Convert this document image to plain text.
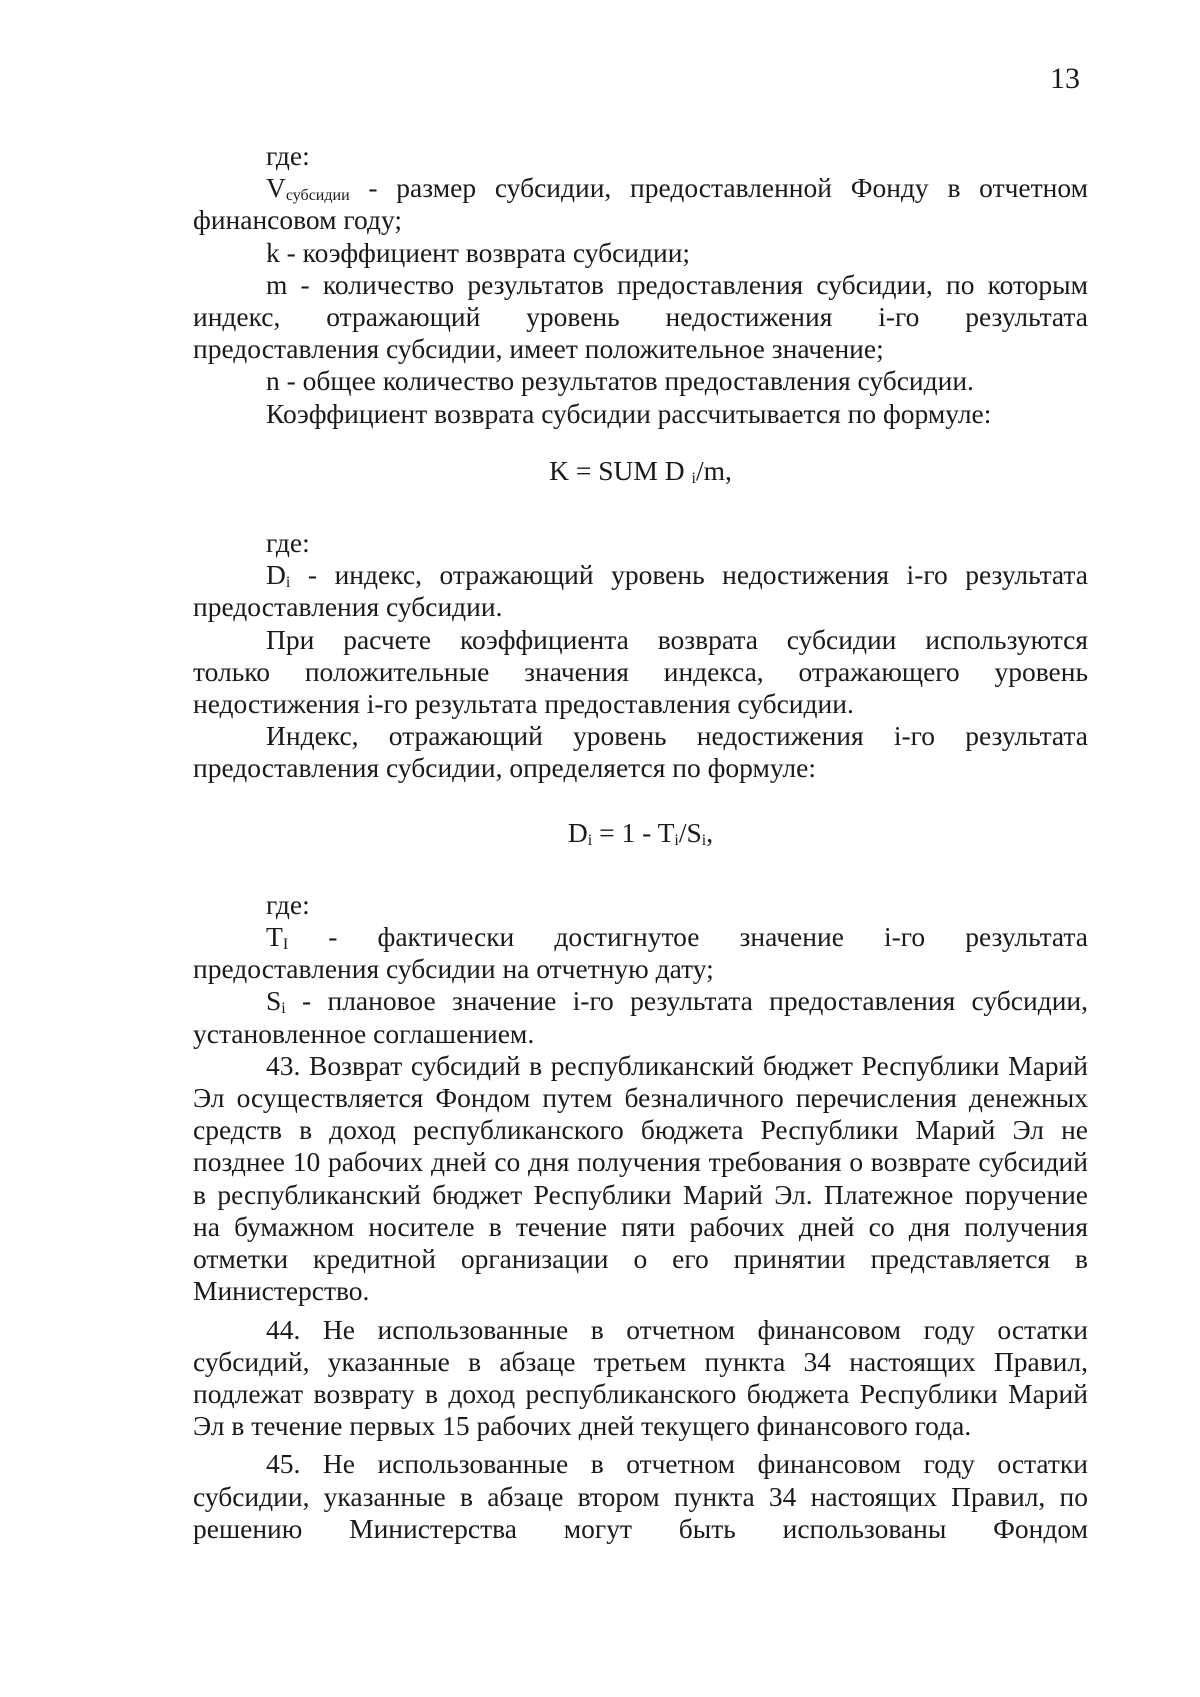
13

где:

$V_{субсидии}$ - размер субсидии, предоставленной Фонду в отчетном финансовом году;

k - коэффициент возврата субсидии;

m - количество результатов предоставления субсидии, по которым

индекс, отражающий уровень недостижения i-го результата

предоставления субсидии, имеет положительное значение;

n - общее количество результатов предоставления субсидии.

Коэффициент возврата субсидии рассчитывается по формуле:

K = SUM D $_i$/m,

где:

$D_i$ - индекс, отражающий уровень недостижения i-го результата

предоставления субсидии.

При расчете коэффициента возврата субсидии используются

только положительные значения индекса, отражающего уровень

недостижения i-го результата предоставления субсидии.

Индекс, отражающий уровень недостижения i-го результата

предоставления субсидии, определяется по формуле:

$D_i = 1 - T_i/S_i$,

где:

$T_I$ - фактически достигнутое значение i-го результата

предоставления субсидии на отчетную дату;

$S_i$ - плановое значение i-го результата предоставления субсидии,

установленное соглашением.

43. Возврат субсидий в республиканский бюджет Республики Марий Эл осуществляется Фондом путем безналичного перечисления денежных средств в доход республиканского бюджета Республики Марий Эл не позднее 10 рабочих дней со дня получения требования о возврате субсидий в республиканский бюджет Республики Марий Эл. Платежное поручение на бумажном носителе в течение пяти рабочих дней со дня получения отметки кредитной организации о его принятии представляется в Министерство.

44. Не использованные в отчетном финансовом году остатки субсидий, указанные в абзаце третьем пункта 34 настоящих Правил, подлежат возврату в доход республиканского бюджета Республики Марий Эл в течение первых 15 рабочих дней текущего финансового года.

45. Не использованные в отчетном финансовом году остатки субсидии, указанные в абзаце втором пункта 34 настоящих Правил, по решению Министерства могут быть использованы Фондом
